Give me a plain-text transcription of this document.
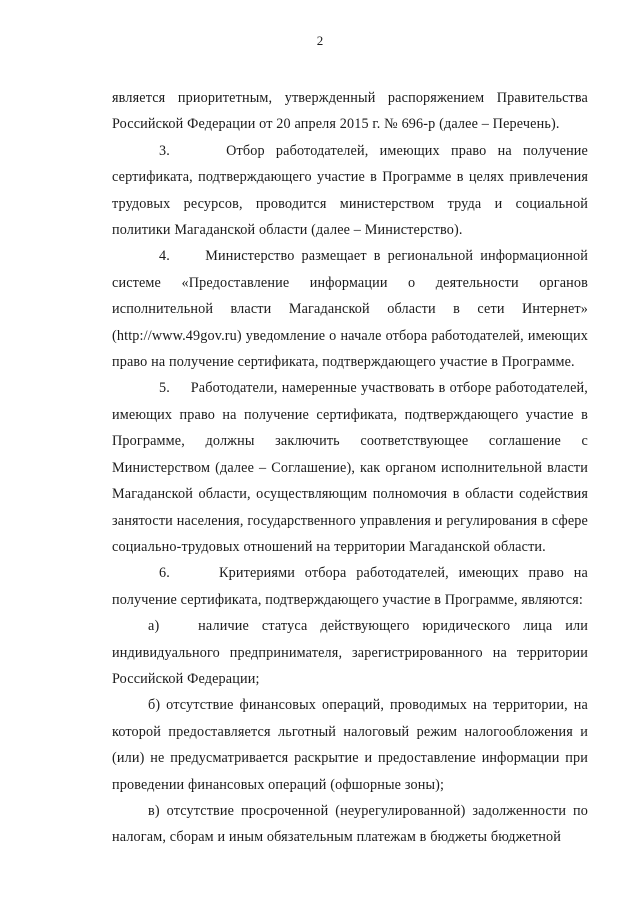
2

является приоритетным, утвержденный распоряжением Правительства Российской Федерации от 20 апреля 2015 г. № 696-р (далее – Перечень).

3.     Отбор работодателей, имеющих право на получение сертификата, подтверждающего участие в Программе в целях привлечения трудовых ресурсов, проводится министерством труда и социальной политики Магаданской области (далее – Министерство).

4.     Министерство размещает в региональной информационной системе «Предоставление информации о деятельности органов исполнительной власти Магаданской области в сети Интернет» (http://www.49gov.ru) уведомление о начале отбора работодателей, имеющих право на получение сертификата, подтверждающего участие в Программе.

5.     Работодатели, намеренные участвовать в отборе работодателей, имеющих право на получение сертификата, подтверждающего участие в Программе, должны заключить соответствующее соглашение с Министерством (далее – Соглашение), как органом исполнительной власти Магаданской области, осуществляющим полномочия в области содействия занятости населения, государственного управления и регулирования в сфере социально-трудовых отношений на территории Магаданской области.

6.     Критериями отбора работодателей, имеющих право на получение сертификата, подтверждающего участие в Программе, являются:

а)   наличие статуса действующего юридического лица или индивидуального предпринимателя, зарегистрированного на территории Российской Федерации;

б) отсутствие финансовых операций, проводимых на территории, на которой предоставляется льготный налоговый режим налогообложения и (или) не предусматривается раскрытие и предоставление информации при проведении финансовых операций (офшорные зоны);

в) отсутствие просроченной (неурегулированной) задолженности по налогам, сборам и иным обязательным платежам в бюджеты бюджетной
